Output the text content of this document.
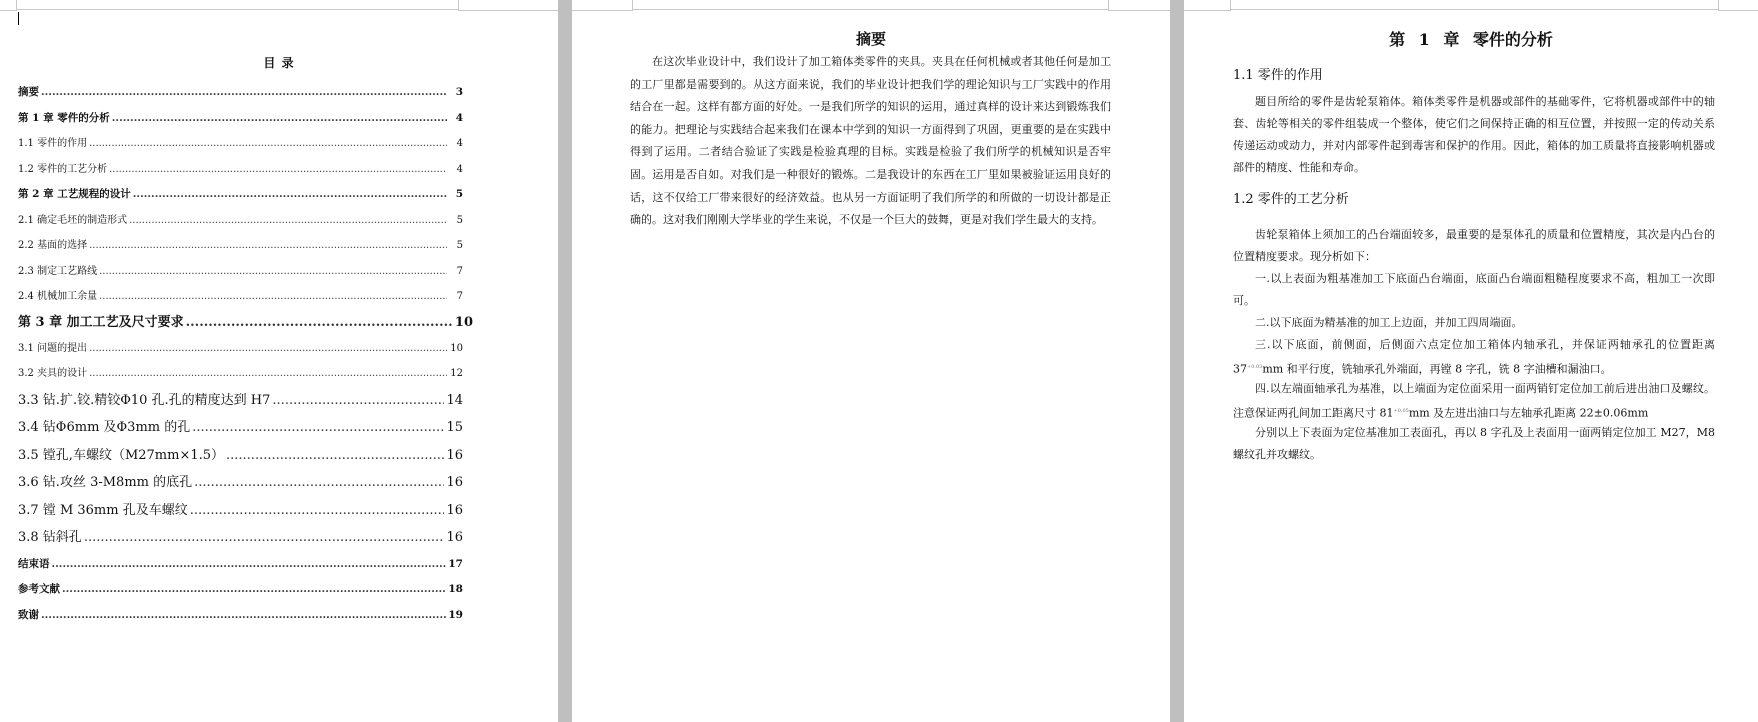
目 录
摘要 .....	3
第 1 章 零件的分析 .....	4
1.1 零件的作用 .....	4
1.2 零件的工艺分析 .....	4
第 2 章 工艺规程的设计 .....	5
2.1 确定毛坯的制造形式 .....	5
2.2 基面的选择 .....	5
2.3 制定工艺路线 .....	7
2.4 机械加工余量 .....	7
第 3 章 加工工艺及尺寸要求 .....	10
3.1 问题的提出 .....	10
3.2 夹具的设计 .....	12
3.3 钻.扩.铰.精铰Φ10 孔.孔的精度达到 H7 .....	14
3.4 钻Φ6mm 及Φ3mm 的孔 .....	15
3.5 镗孔,车螺纹（M27mm×1.5） .....	16
3.6 钻.攻丝 3-M8mm 的底孔 .....	16
3.7 镗 M 36mm 孔及车螺纹 .....	16
3.8 钻斜孔 .....	16
结束语 .....	17
参考文献 .....	18
致谢 .....	19
摘要

在这次毕业设计中，我们设计了加工箱体类零件的夹具。夹具在任何机械或者其他任何是加工的工厂里都是需要到的。从这方面来说，我们的毕业设计把我们学的理论知识与工厂实践中的作用结合在一起。这样有都方面的好处。一是我们所学的知识的运用，通过真样的设计来达到锻炼我们的能力。把理论与实践结合起来我们在课本中学到的知识一方面得到了巩固，更重要的是在实践中得到了运用。二者结合验证了实践是检验真理的目标。实践是检验了我们所学的机械知识是否牢固。运用是否自如。对我们是一种很好的锻炼。二是我设计的东西在工厂里如果被验证运用良好的话，这不仅给工厂带来很好的经济效益。也从另一方面证明了我们所学的和所做的一切设计都是正确的。这对我们刚刚大学毕业的学生来说，不仅是一个巨大的鼓舞，更是对我们学生最大的支持。

第 1 章 零件的分析
1.1 零件的作用

题目所给的零件是齿轮泵箱体。箱体类零件是机器或部件的基础零件，它将机器或部件中的轴套、齿轮等相关的零件组装成一个整体，使它们之间保持正确的相互位置，并按照一定的传动关系传递运动或动力，并对内部零件起到毒害和保护的作用。因此，箱体的加工质量将直接影响机器或部件的精度、性能和寿命。

1.2 零件的工艺分析

齿轮泵箱体上须加工的凸台端面较多，最重要的是泵体孔的质量和位置精度，其次是内凸台的位置精度要求。现分析如下：

一.以上表面为粗基准加工下底面凸台端面，底面凸台端面粗糙程度要求不高，粗加工一次即可。

二.以下底面为精基准的加工上边面，并加工四周端面。

三.以下底面，前侧面，后侧面六点定位加工箱体内轴承孔，并保证两轴承孔的位置距离 $37^{+0.03}mm$ 和平行度，铣轴承孔外端面，再镗 8 字孔，铣 8 字油槽和漏油口。

四.以左端面轴承孔为基准，以上端面为定位面采用一面两销钉定位加工前后进出油口及螺纹。注意保证两孔间加工距离尺寸 $81^{+0.05}mm$ 及左进出油口与左轴承孔距离 22±0.06mm

分别以上下表面为定位基准加工表面孔，再以 8 字孔及上表面用一面两销定位加工 M27，M8 螺纹孔并攻螺纹。
